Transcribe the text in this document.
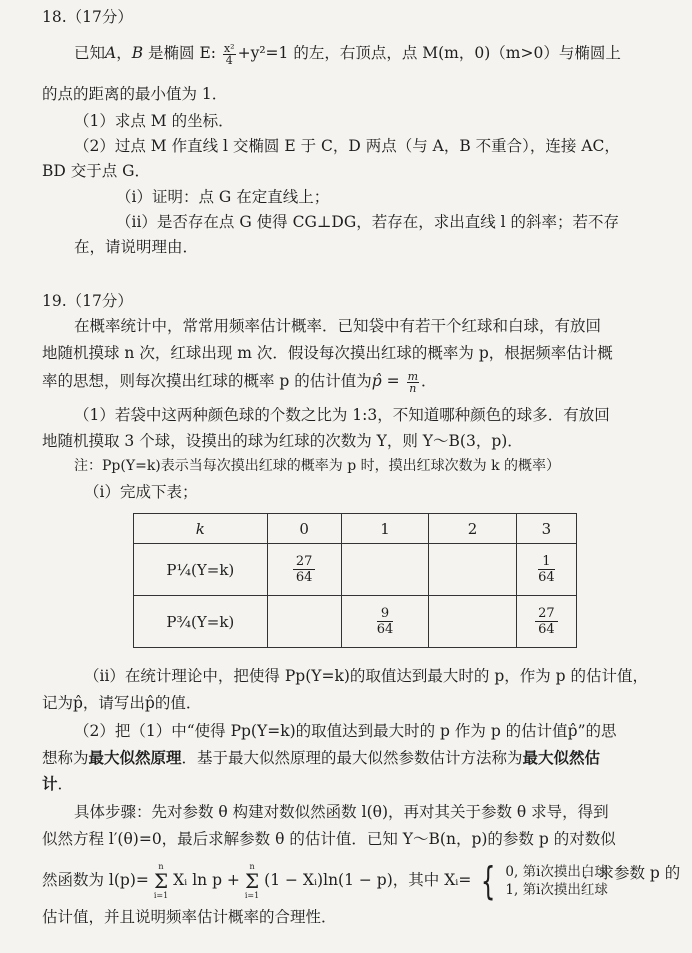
18.（17分）
已知A，B 是椭圆 E: $\frac{\text{x²}}{4} +y^2=1$ 的左，右顶点，点 M(m，0)（m>0）与椭圆上
的点的距离的最小值为 1．
（1）求点 M 的坐标．
（2）过点 M 作直线 l 交椭圆 E 于 C，D 两点（与 A，B 不重合），连接 AC，
BD 交于点 G．
（i）证明：点 G 在定直线上；
（ii）是否存在点 G 使得 CG⊥DG，若存在，求出直线 l 的斜率；若不存
在，请说明理由．
19.（17分）
在概率统计中，常常用频率估计概率．已知袋中有若干个红球和白球，有放回
地随机摸球 n 次，红球出现 m 次．假设每次摸出红球的概率为 p，根据频率估计概
率的思想，则每次摸出红球的概率 p 的估计值为p̂ = $\frac{m}{n}$ ．
（1）若袋中这两种颜色球的个数之比为 1:3，不知道哪种颜色的球多．有放回
地随机摸取 3 个球，设摸出的球为红球的次数为 Y，则 Y～B(3，p)．
注：Pp(Y=k)表示当每次摸出红球的概率为 p 时，摸出红球次数为 k 的概率）
（i）完成下表；
k	0	1	2	3
P¼(Y=k)	$\frac{27}{64}$			$\frac{1}{64}$

P¾(Y=k)		$\frac{9}{64}$		$\frac{27}{64}$
（ii）在统计理论中，把使得 Pp(Y=k)的取值达到最大时的 p，作为 p 的估计值，
记为p̂，请写出p̂的值．
（2）把（1）中“使得 Pp(Y=k)的取值达到最大时的 p 作为 p 的估计值p̂”的思
想称为最大似然原理．基于最大似然原理的最大似然参数估计方法称为最大似然估
计．
具体步骤：先对参数 θ 构建对数似然函数 l(θ)，再对其关于参数 θ 求导，得到
似然方程 l′(θ)=0，最后求解参数 θ 的估计值．已知 Y～B(n，p)的参数 p 的对数似
然函数为 l(p)= n
Σ
i=1 Xᵢ ln p + n
Σ
i=1 (1 − Xᵢ)ln(1 − p)，其中 Xᵢ= { 0, 第i次摸出白球
1, 第i次摸出红球
．求参数 p 的
估计值，并且说明频率估计概率的合理性．
